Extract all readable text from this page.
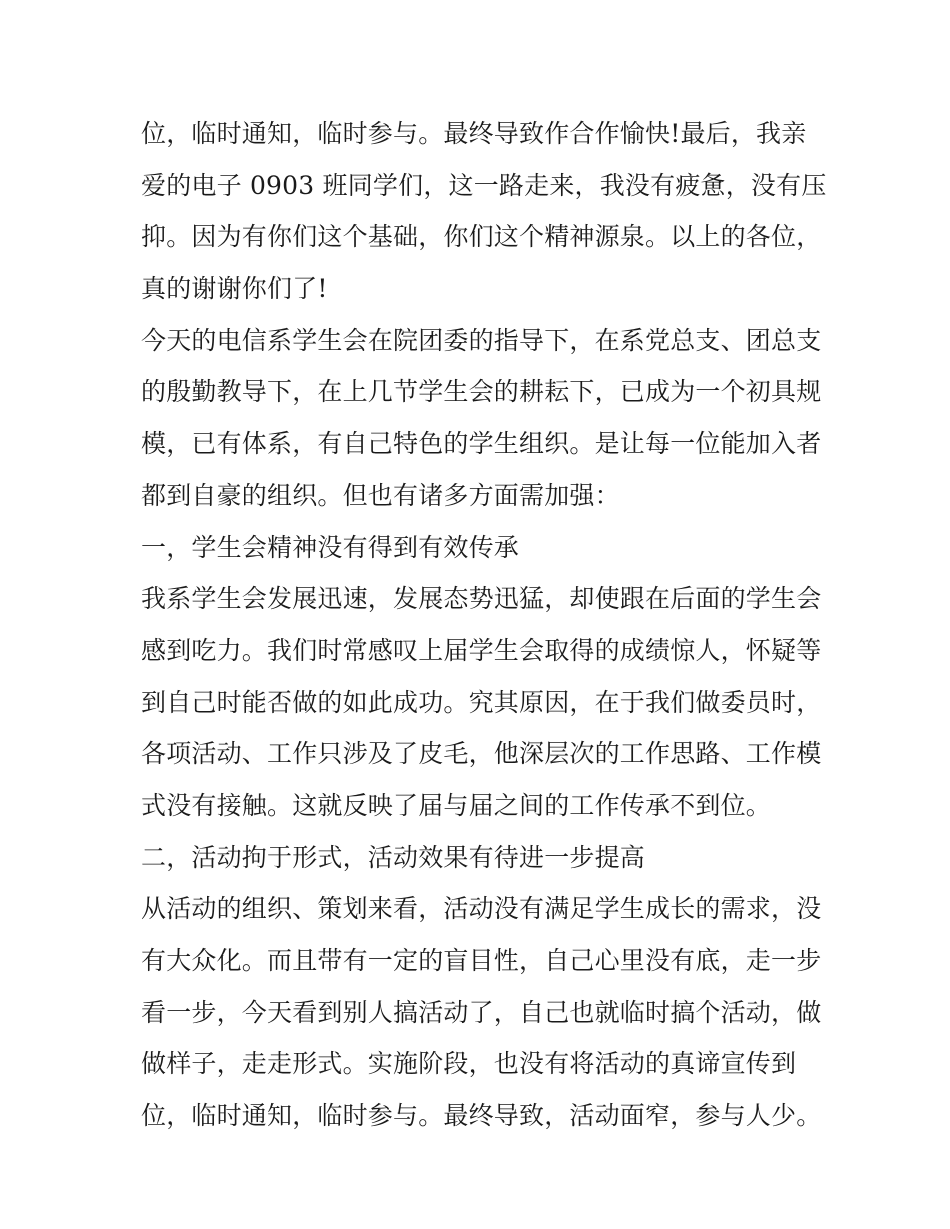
位，临时通知，临时参与。最终导致作合作愉快!最后，我亲
爱的电子 0903 班同学们，这一路走来，我没有疲惫，没有压
抑。因为有你们这个基础，你们这个精神源泉。以上的各位，
真的谢谢你们了!
今天的电信系学生会在院团委的指导下，在系党总支、团总支
的殷勤教导下，在上几节学生会的耕耘下，已成为一个初具规
模，已有体系，有自己特色的学生组织。是让每一位能加入者
都到自豪的组织。但也有诸多方面需加强：
一，学生会精神没有得到有效传承
我系学生会发展迅速，发展态势迅猛，却使跟在后面的学生会
感到吃力。我们时常感叹上届学生会取得的成绩惊人，怀疑等
到自己时能否做的如此成功。究其原因，在于我们做委员时，
各项活动、工作只涉及了皮毛，他深层次的工作思路、工作模
式没有接触。这就反映了届与届之间的工作传承不到位。
二，活动拘于形式，活动效果有待进一步提高
从活动的组织、策划来看，活动没有满足学生成长的需求，没
有大众化。而且带有一定的盲目性，自己心里没有底，走一步
看一步，今天看到别人搞活动了，自己也就临时搞个活动，做
做样子，走走形式。实施阶段，也没有将活动的真谛宣传到
位，临时通知，临时参与。最终导致，活动面窄，参与人少。
